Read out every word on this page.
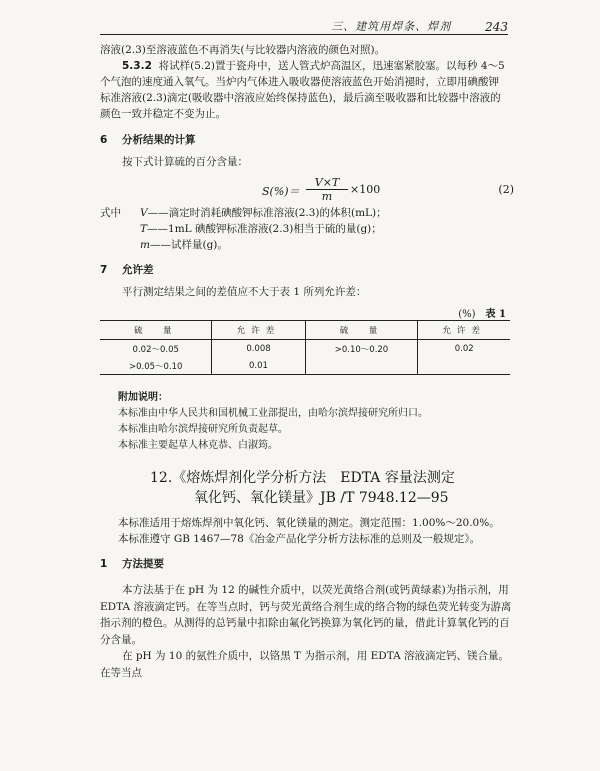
三、建筑用焊条、焊剂	243

溶液(2.3)至溶液蓝色不再消失(与比较器内溶液的颜色对照)。

5.3.2 将试样(5.2)置于瓷舟中，送人管式炉高温区，迅速塞紧胶塞。以每秒 4～5 个气泡的速度通入氧气。当炉内气体进入吸收器使溶液蓝色开始消褪时，立即用碘酸钾标准溶液(2.3)滴定(吸收器中溶液应始终保持蓝色)，最后滴至吸收器和比较器中溶液的颜色一致并稳定不变为止。

6 分析结果的计算

按下式计算硫的百分含量：

$S(\%)= \frac{V\times T}{m} \times 100$	(2)
式中 V——滴定时消耗碘酸钾标准溶液(2.3)的体积(mL)；
T——1mL 碘酸钾标准溶液(2.3)相当于硫的量(g)；
m——试样量(g)。
7 允许差

平行测定结果之间的差值应不大于表 1 所列允许差：

(%) 表 1
硫　量	允许差	硫　量	允许差
0.02～0.05	0.008	>0.10～0.20	0.02
>0.05～0.10	0.01		
附加说明：

本标准由中华人民共和国机械工业部提出，由哈尔滨焊接研究所归口。

本标准由哈尔滨焊接研究所负责起草。

本标准主要起草人林克恭、白淑筠。

12.《熔炼焊剂化学分析方法　EDTA 容量法测定
氧化钙、氧化镁量》JB /T 7948.12—95

本标准适用于熔炼焊剂中氧化钙、氧化镁量的测定。测定范围：1.00%～20.0%。

本标准遵守 GB 1467—78《冶金产品化学分析方法标准的总则及一般规定》。

1 方法提要

本方法基于在 pH 为 12 的碱性介质中，以荧光黄络合剂(或钙黄绿素)为指示剂，用 EDTA 溶液滴定钙。在等当点时，钙与荧光黄络合剂生成的络合物的绿色荧光转变为游离指示剂的橙色。从测得的总钙量中扣除由氟化钙换算为氧化钙的量，借此计算氧化钙的百分含量。

在 pH 为 10 的氨性介质中，以铬黑 T 为指示剂，用 EDTA 溶液滴定钙、镁合量。在等当点
